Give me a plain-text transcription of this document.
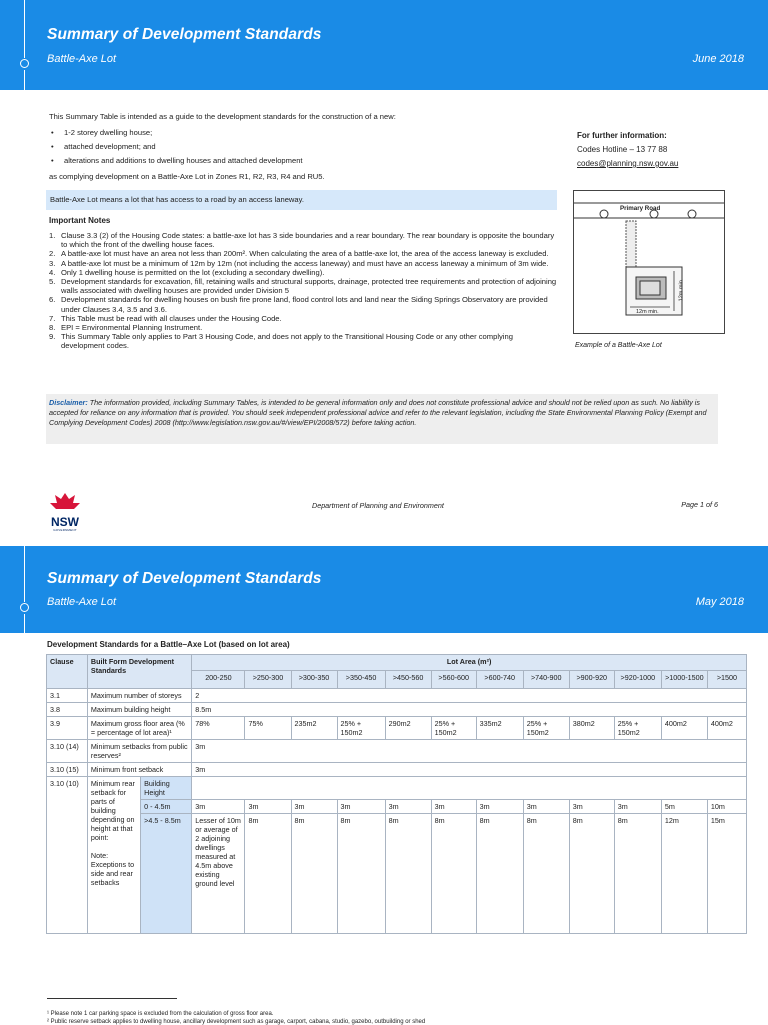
Summary of Development Standards
Battle-Axe Lot	June 2018

This Summary Table is intended as a guide to the development standards for the construction of a new:

• 1-2 storey dwelling house;
• attached development; and
• alterations and additions to dwelling houses and attached development

as complying development on a Battle-Axe Lot in Zones R1, R2, R3, R4 and RU5.

For further information:
Codes Hotline – 13 77 88
codes@planning.nsw.gov.au
Battle-Axe Lot means a lot that has access to a road by an access laneway.
Important Notes
1. Clause 3.3 (2) of the Housing Code states: a battle-axe lot has 3 side boundaries and a rear boundary. The rear boundary is opposite the boundary to which the front of the dwelling house faces.
2. A battle-axe lot must have an area not less than 200m². When calculating the area of a battle-axe lot, the area of the access laneway is excluded.
3. A battle-axe lot must be a minimum of 12m by 12m (not including the access laneway) and must have an access laneway a minimum of 3m wide.
4. Only 1 dwelling house is permitted on the lot (excluding a secondary dwelling).
5. Development standards for excavation, fill, retaining walls and structural supports, drainage, protected tree requirements and protection of adjoining walls associated with dwelling houses are provided under Division 5
6. Development standards for dwelling houses on bush fire prone land, flood control lots and land near the Siding Springs Observatory are provided under Clauses 3.4, 3.5 and 3.6.
7. This Table must be read with all clauses under the Housing Code.
8. EPI = Environmental Planning Instrument.
9. This Summary Table only applies to Part 3 Housing Code, and does not apply to the Transitional Housing Code or any other complying development codes.
Primary Road
12m min.
12m min.
Example of a Battle-Axe Lot

Disclaimer: The information provided, including Summary Tables, is intended to be general information only and does not constitute professional advice and should not be relied upon as such. No liability is accepted for reliance on any information that is provided. You should seek independent professional advice and refer to the relevant legislation, including the State Environmental Planning Policy (Exempt and Complying Development Codes) 2008 (http://www.legislation.nsw.gov.au/#/view/EPI/2008/572) before taking action.

NSW
GOVERNMENT
Department of Planning and Environment	Page 1 of 6
Summary of Development Standards
Battle-Axe Lot	May 2018
Development Standards for a Battle–Axe Lot (based on lot area)
Clause	Built Form Development Standards		Lot Area (m²)											
			200-250	>250-300	>300-350	>350-450	>450-560	>560-600	>600-740	>740-900	>900-920	>920-1000	>1000-1500	>1500
3.1	Maximum number of storeys		2											
3.8	Maximum building height		8.5m											
3.9	Maximum gross floor area (% = percentage of lot area)¹		78%	75%	235m2	25% + 150m2	290m2	25% + 150m2	335m2	25% + 150m2	380m2	25% + 150m2	400m2	400m2
3.10 (14)	Minimum setbacks from public reserves²		3m											
3.10 (15)	Minimum front setback		3m											
3.10 (10)	Minimum rear setback for parts of building depending on height at that point:
Note: Exceptions to side and rear setbacks	Building Height												
		0 - 4.5m	3m	3m	3m	3m	3m	3m	3m	3m	3m	3m	5m	10m
		>4.5 - 8.5m	Lesser of 10m or average of 2 adjoining dwellings measured at 4.5m above existing ground level	8m	8m	8m	8m	8m	8m	8m	8m	8m	12m	15m
¹ Please note 1 car parking space is excluded from the calculation of gross floor area.
² Public reserve setback applies to dwelling house, ancillary development such as garage, carport, cabana, studio, gazebo, outbuilding or shed
